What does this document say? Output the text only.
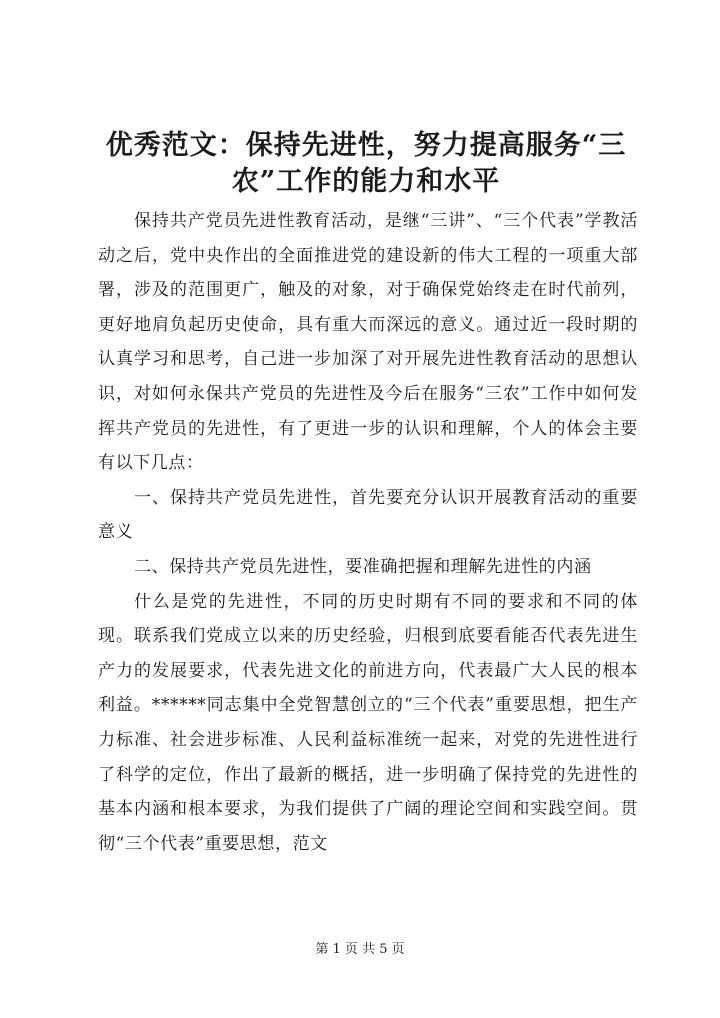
优秀范文：保持先进性，努力提高服务“三农”工作的能力和水平

保持共产党员先进性教育活动，是继“三讲”、“三个代表”学教活动之后，党中央作出的全面推进党的建设新的伟大工程的一项重大部署，涉及的范围更广，触及的对象，对于确保党始终走在时代前列，更好地肩负起历史使命，具有重大而深远的意义。通过近一段时期的认真学习和思考，自己进一步加深了对开展先进性教育活动的思想认识，对如何永保共产党员的先进性及今后在服务“三农”工作中如何发挥共产党员的先进性，有了更进一步的认识和理解，个人的体会主要有以下几点：

一、保持共产党员先进性，首先要充分认识开展教育活动的重要意义

二、保持共产党员先进性，要准确把握和理解先进性的内涵

什么是党的先进性，不同的历史时期有不同的要求和不同的体现。联系我们党成立以来的历史经验，归根到底要看能否代表先进生产力的发展要求，代表先进文化的前进方向，代表最广大人民的根本利益。******同志集中全党智慧创立的“三个代表”重要思想，把生产力标准、社会进步标准、人民利益标准统一起来，对党的先进性进行了科学的定位，作出了最新的概括，进一步明确了保持党的先进性的基本内涵和根本要求，为我们提供了广阔的理论空间和实践空间。贯彻“三个代表”重要思想，范文

第 1 页 共 5 页
